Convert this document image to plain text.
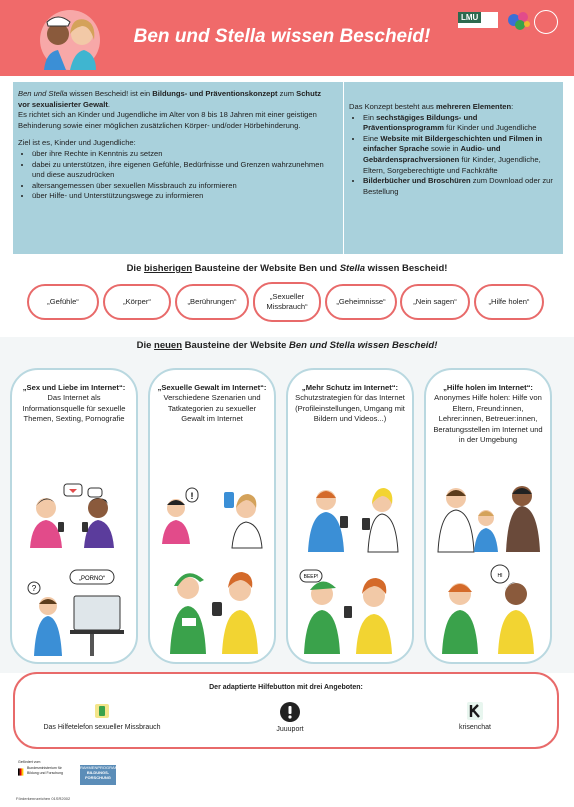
Ben und Stella wissen Bescheid!
LMU

Ben und Stella wissen Bescheid! ist ein Bildungs- und Präventionskonzept zum Schutz vor sexualisierter Gewalt.

Es richtet sich an Kinder und Jugendliche im Alter von 8 bis 18 Jahren mit einer geistigen Behinderung sowie einer möglichen zusätzlichen Körper- und/oder Hörbehinderung.

Ziel ist es, Kinder und Jugendliche:

• über ihre Rechte in Kenntnis zu setzen
• dabei zu unterstützen, ihre eigenen Gefühle, Bedürfnisse und Grenzen wahrzunehmen und diese auszudrücken
• altersangemessen über sexuellen Missbrauch zu informieren
• über Hilfe- und Unterstützungswege zu informieren

Das Konzept besteht aus mehreren Elementen:

• Ein sechstägiges Bildungs- und Präventionsprogramm für Kinder und Jugendliche
• Eine Website mit Bildergeschichten und Filmen in einfacher Sprache sowie in Audio- und Gebärdensprachversionen für Kinder, Jugendliche, Eltern, Sorgeberechtigte und Fachkräfte
• Bilderbücher und Broschüren zum Download oder zur Bestellung
Die bisherigen Bausteine der Website Ben und Stella wissen Bescheid!
„Gefühle“	„Körper“	„Berührungen“
„Sexueller Missbrauch“
„Geheimnisse“	„Nein sagen“	„Hilfe holen“
Die neuen Bausteine der Website Ben und Stella wissen Bescheid!
„Sex und Liebe im Internet“:
Das Internet als Informationsquelle für sexuelle Themen, Sexting, Pornografie
„PORNO“
?
„Sexuelle Gewalt im Internet“:
Verschiedene Szenarien und Tatkategorien zu sexueller Gewalt im Internet
!
„Mehr Schutz im Internet“:
Schutzstrategien für das Internet (Profileinstellungen, Umgang mit Bildern und Videos...)
BEEP!
„Hilfe holen im Internet“:
Anonymes Hilfe holen: Hilfe von Eltern, Freund:innen, Lehrer:innen, Betreuer:innen, Beratungsstellen im Internet und in der Umgebung
HI
Der adaptierte Hilfebutton mit drei Angeboten:
Das Hilfetelefon sexueller Missbrauch	Juuuport	krisenchat
Gefördert vom
Bundesministerium für Bildung und Forschung
RAHMENPROGRAMM
BILDUNGS-
FORSCHUNG
Förderkennzeichen 01SR2002
